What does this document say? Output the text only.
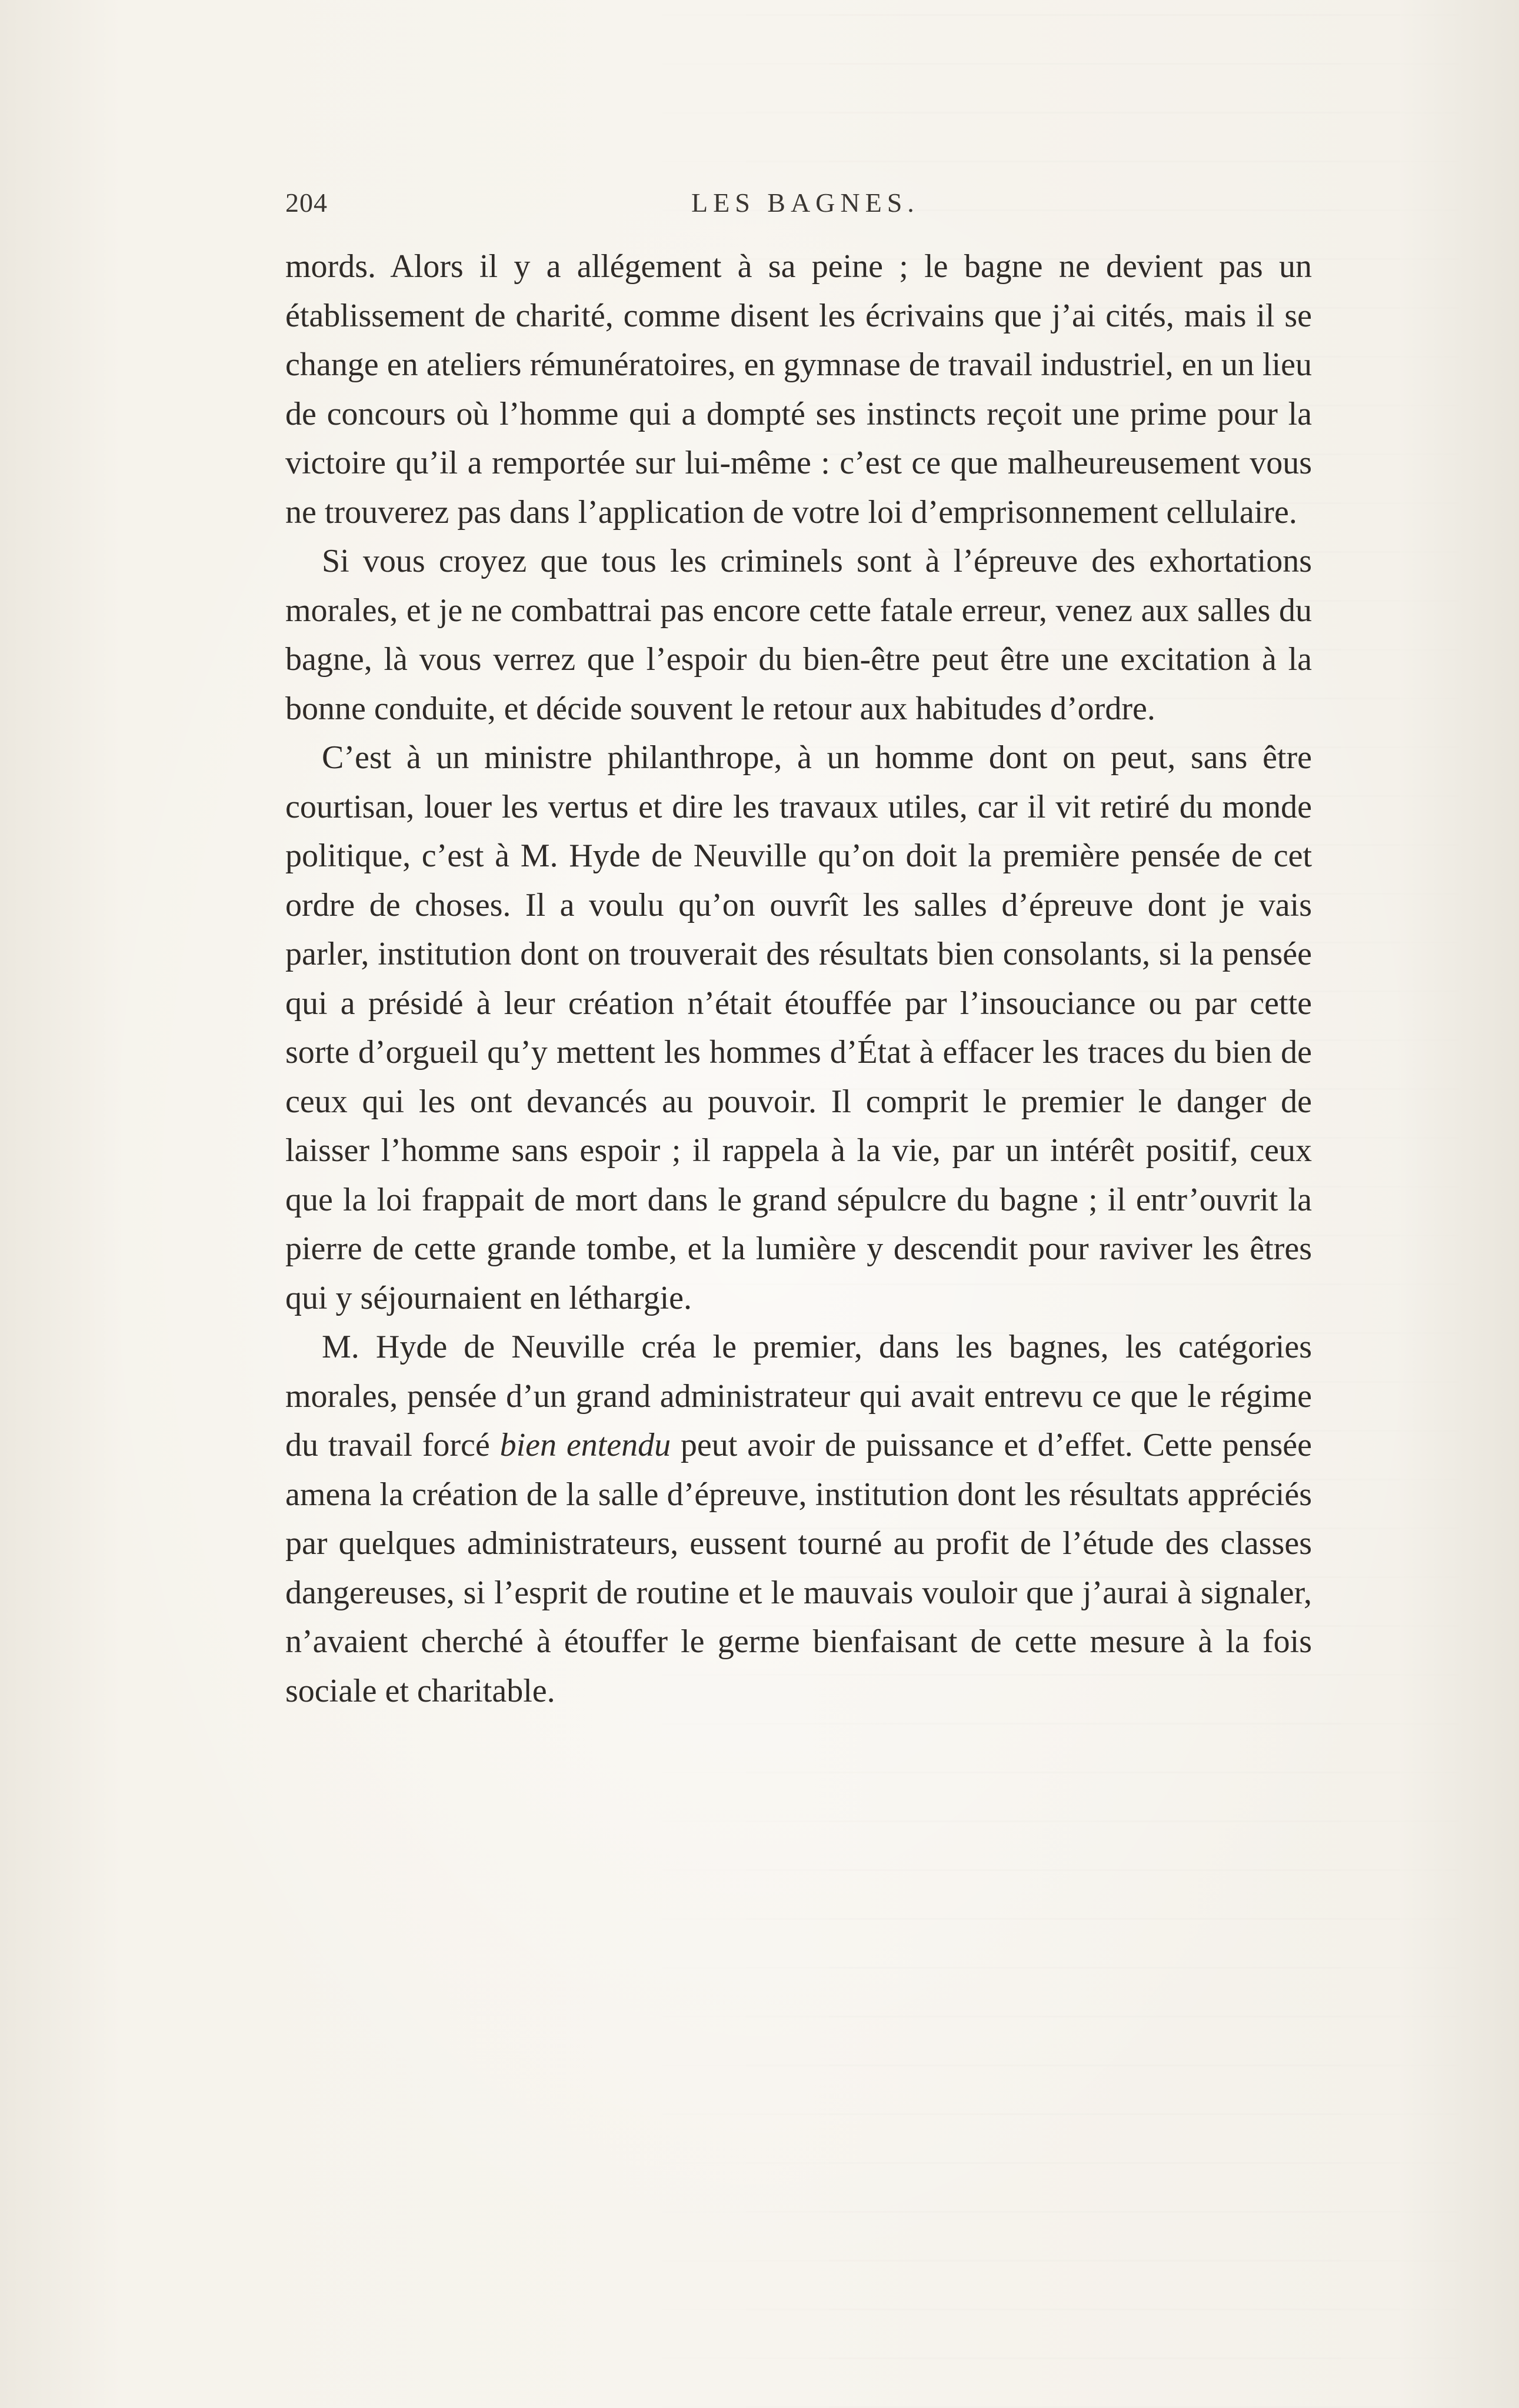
204	LES BAGNES.

mords. Alors il y a allégement à sa peine ; le bagne ne devient pas un établissement de charité, comme disent les écrivains que j’ai cités, mais il se change en ateliers rémunératoires, en gymnase de travail industriel, en un lieu de concours où l’homme qui a dompté ses instincts reçoit une prime pour la victoire qu’il a remportée sur lui-même : c’est ce que malheureusement vous ne trouverez pas dans l’application de votre loi d’emprisonnement cellulaire.

Si vous croyez que tous les criminels sont à l’épreuve des exhortations morales, et je ne combattrai pas encore cette fatale erreur, venez aux salles du bagne, là vous verrez que l’espoir du bien-être peut être une excitation à la bonne conduite, et décide souvent le retour aux habitudes d’ordre.

C’est à un ministre philanthrope, à un homme dont on peut, sans être courtisan, louer les vertus et dire les travaux utiles, car il vit retiré du monde politique, c’est à M. Hyde de Neuville qu’on doit la première pensée de cet ordre de choses. Il a voulu qu’on ouvrît les salles d’épreuve dont je vais parler, institution dont on trouverait des résultats bien consolants, si la pensée qui a présidé à leur création n’était étouffée par l’insouciance ou par cette sorte d’orgueil qu’y mettent les hommes d’État à effacer les traces du bien de ceux qui les ont devancés au pouvoir. Il comprit le premier le danger de laisser l’homme sans espoir ; il rappela à la vie, par un intérêt positif, ceux que la loi frappait de mort dans le grand sépulcre du bagne ; il entr’ouvrit la pierre de cette grande tombe, et la lumière y descendit pour raviver les êtres qui y séjournaient en léthargie.

M. Hyde de Neuville créa le premier, dans les bagnes, les catégories morales, pensée d’un grand administrateur qui avait entrevu ce que le régime du travail forcé bien entendu peut avoir de puissance et d’effet. Cette pensée amena la création de la salle d’épreuve, institution dont les résultats appréciés par quelques administrateurs, eussent tourné au profit de l’étude des classes dangereuses, si l’esprit de routine et le mauvais vouloir que j’aurai à signaler, n’avaient cherché à étouffer le germe bienfaisant de cette mesure à la fois sociale et charitable.
